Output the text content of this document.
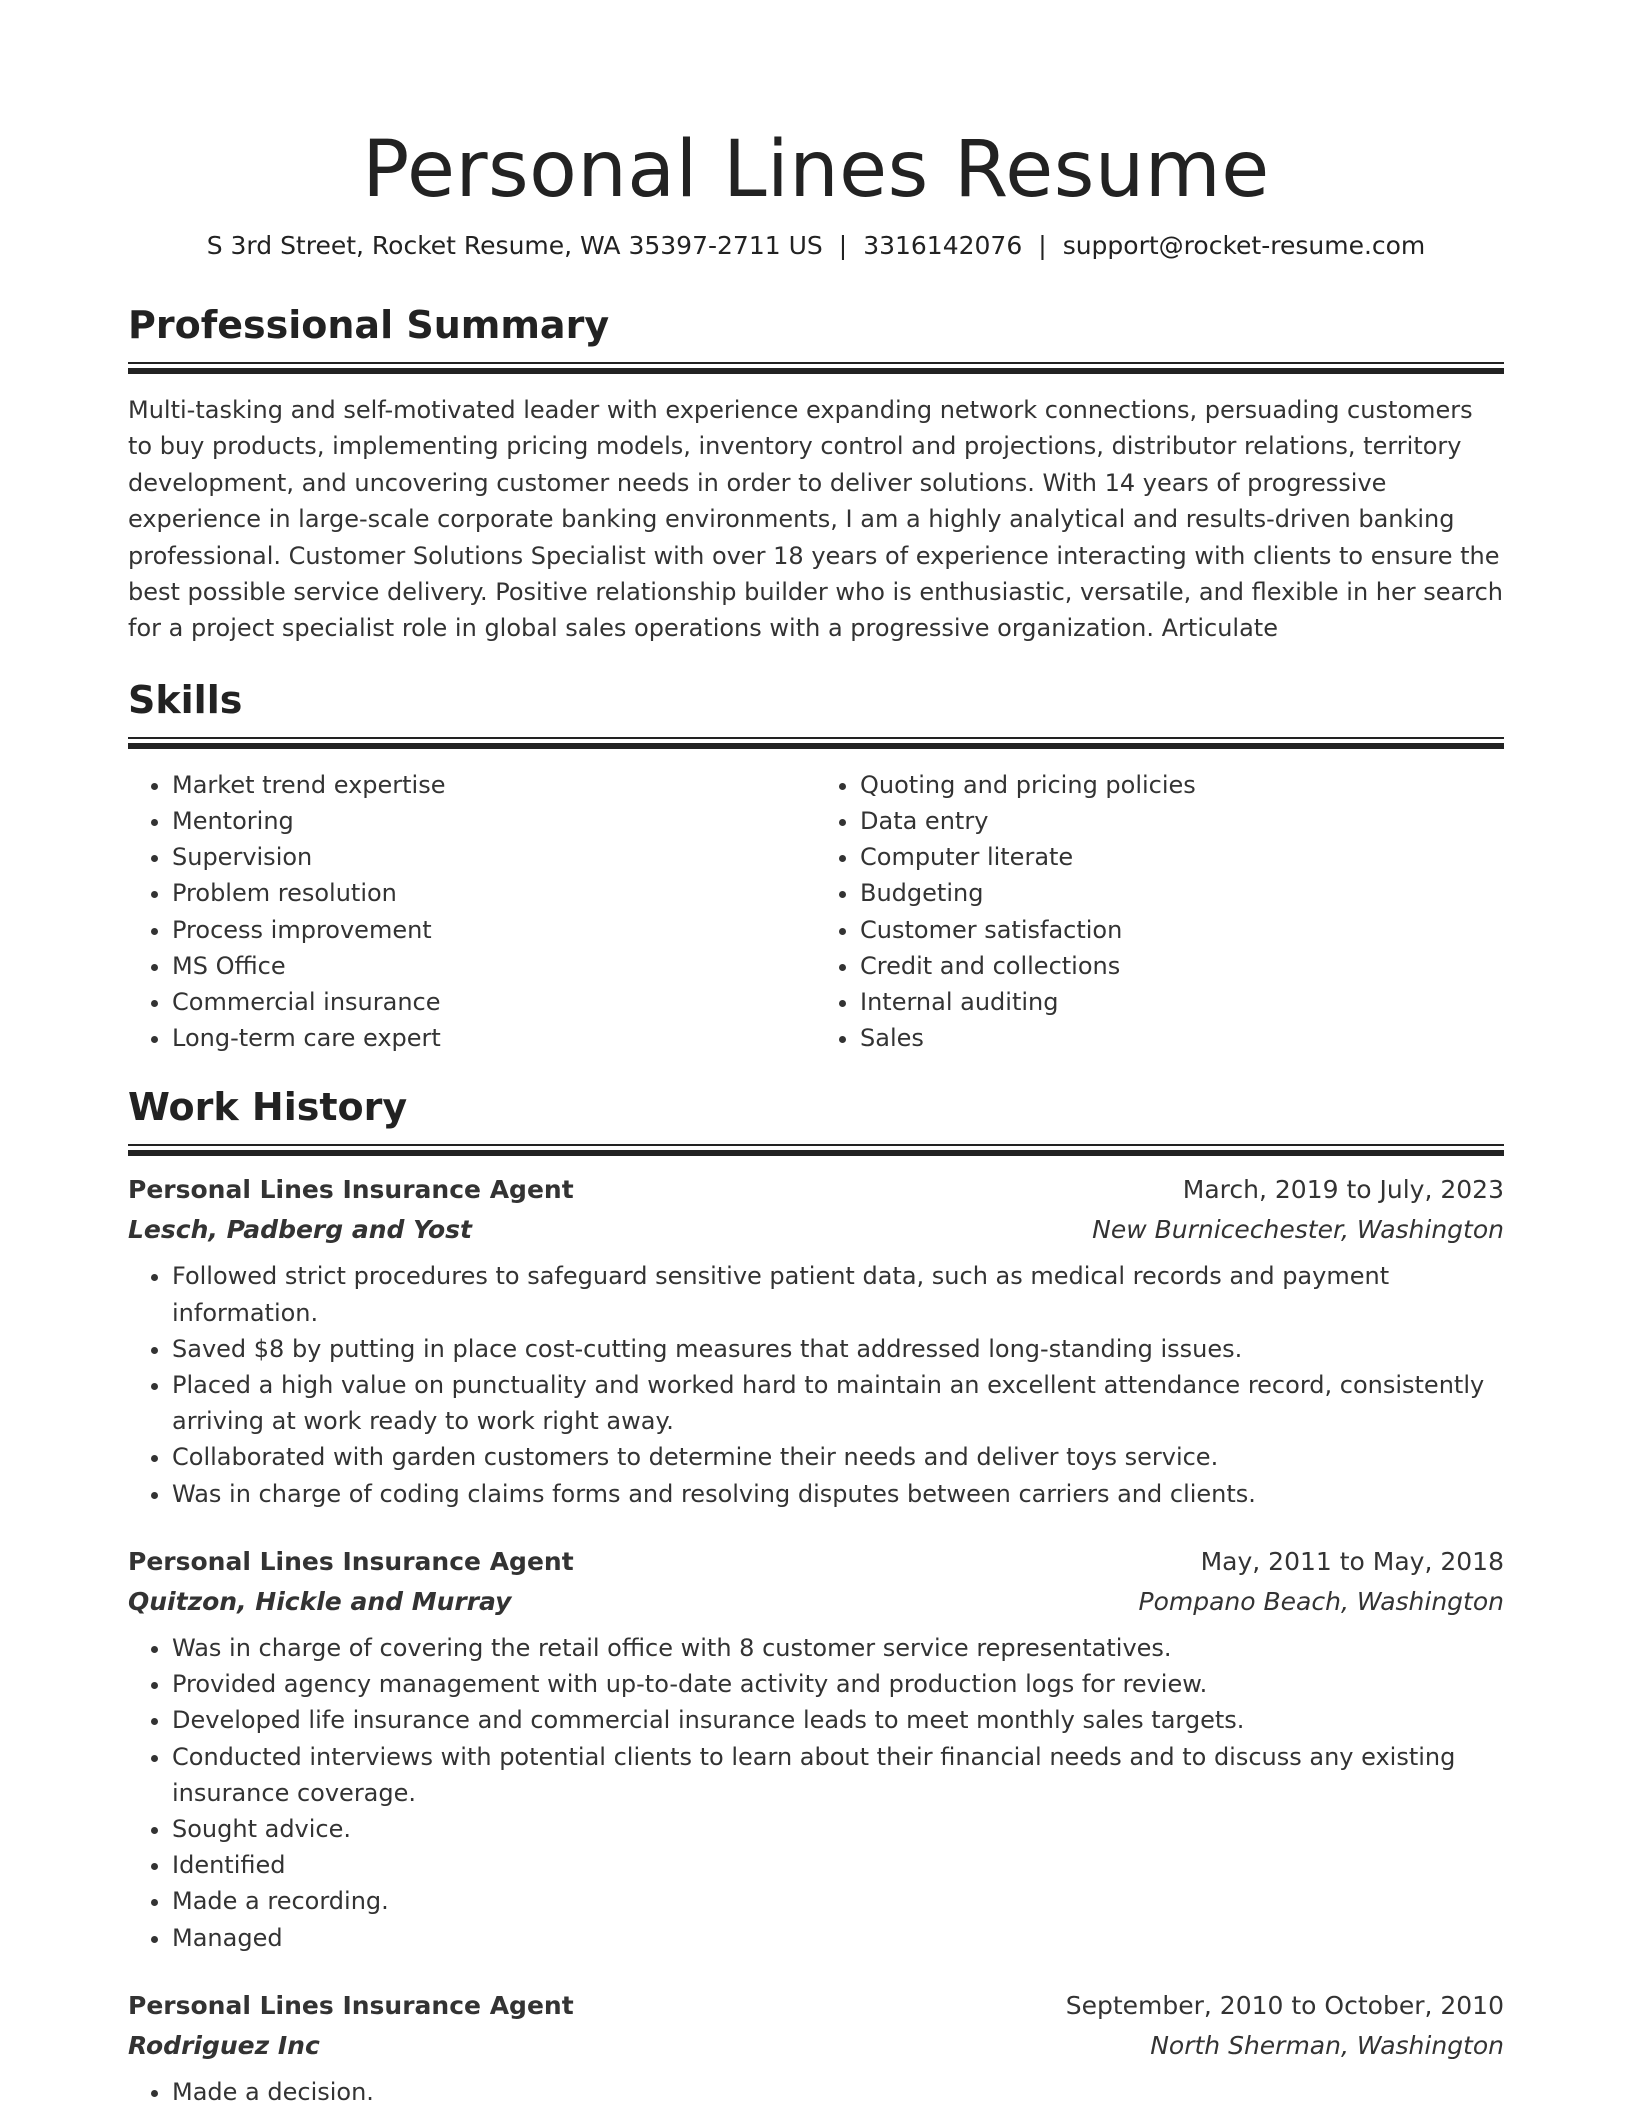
Personal Lines Resume
S 3rd Street, Rocket Resume, WA 35397-2711 US | 3316142076 | support@rocket-resume.com
Professional Summary

Multi-tasking and self-motivated leader with experience expanding network connections, persuading customers to buy products, implementing pricing models, inventory control and projections, distributor relations, territory development, and uncovering customer needs in order to deliver solutions. With 14 years of progressive experience in large-scale corporate banking environments, I am a highly analytical and results-driven banking professional. Customer Solutions Specialist with over 18 years of experience interacting with clients to ensure the best possible service delivery. Positive relationship builder who is enthusiastic, versatile, and flexible in her search for a project specialist role in global sales operations with a progressive organization. Articulate

Skills
• Market trend expertise
• Mentoring
• Supervision
• Problem resolution
• Process improvement
• MS Office
• Commercial insurance
• Long-term care expert
• Quoting and pricing policies
• Data entry
• Computer literate
• Budgeting
• Customer satisfaction
• Credit and collections
• Internal auditing
• Sales
Work History
Personal Lines Insurance Agent	March, 2019 to July, 2023
Lesch, Padberg and Yost	New Burnicechester, Washington
• Followed strict procedures to safeguard sensitive patient data, such as medical records and payment information.
• Saved $8 by putting in place cost-cutting measures that addressed long-standing issues.
• Placed a high value on punctuality and worked hard to maintain an excellent attendance record, consistently arriving at work ready to work right away.
• Collaborated with garden customers to determine their needs and deliver toys service.
• Was in charge of coding claims forms and resolving disputes between carriers and clients.
Personal Lines Insurance Agent	May, 2011 to May, 2018
Quitzon, Hickle and Murray	Pompano Beach, Washington
• Was in charge of covering the retail office with 8 customer service representatives.
• Provided agency management with up-to-date activity and production logs for review.
• Developed life insurance and commercial insurance leads to meet monthly sales targets.
• Conducted interviews with potential clients to learn about their financial needs and to discuss any existing insurance coverage.
• Sought advice.
• Identified
• Made a recording.
• Managed
Personal Lines Insurance Agent	September, 2010 to October, 2010
Rodriguez Inc	North Sherman, Washington
• Made a decision.
